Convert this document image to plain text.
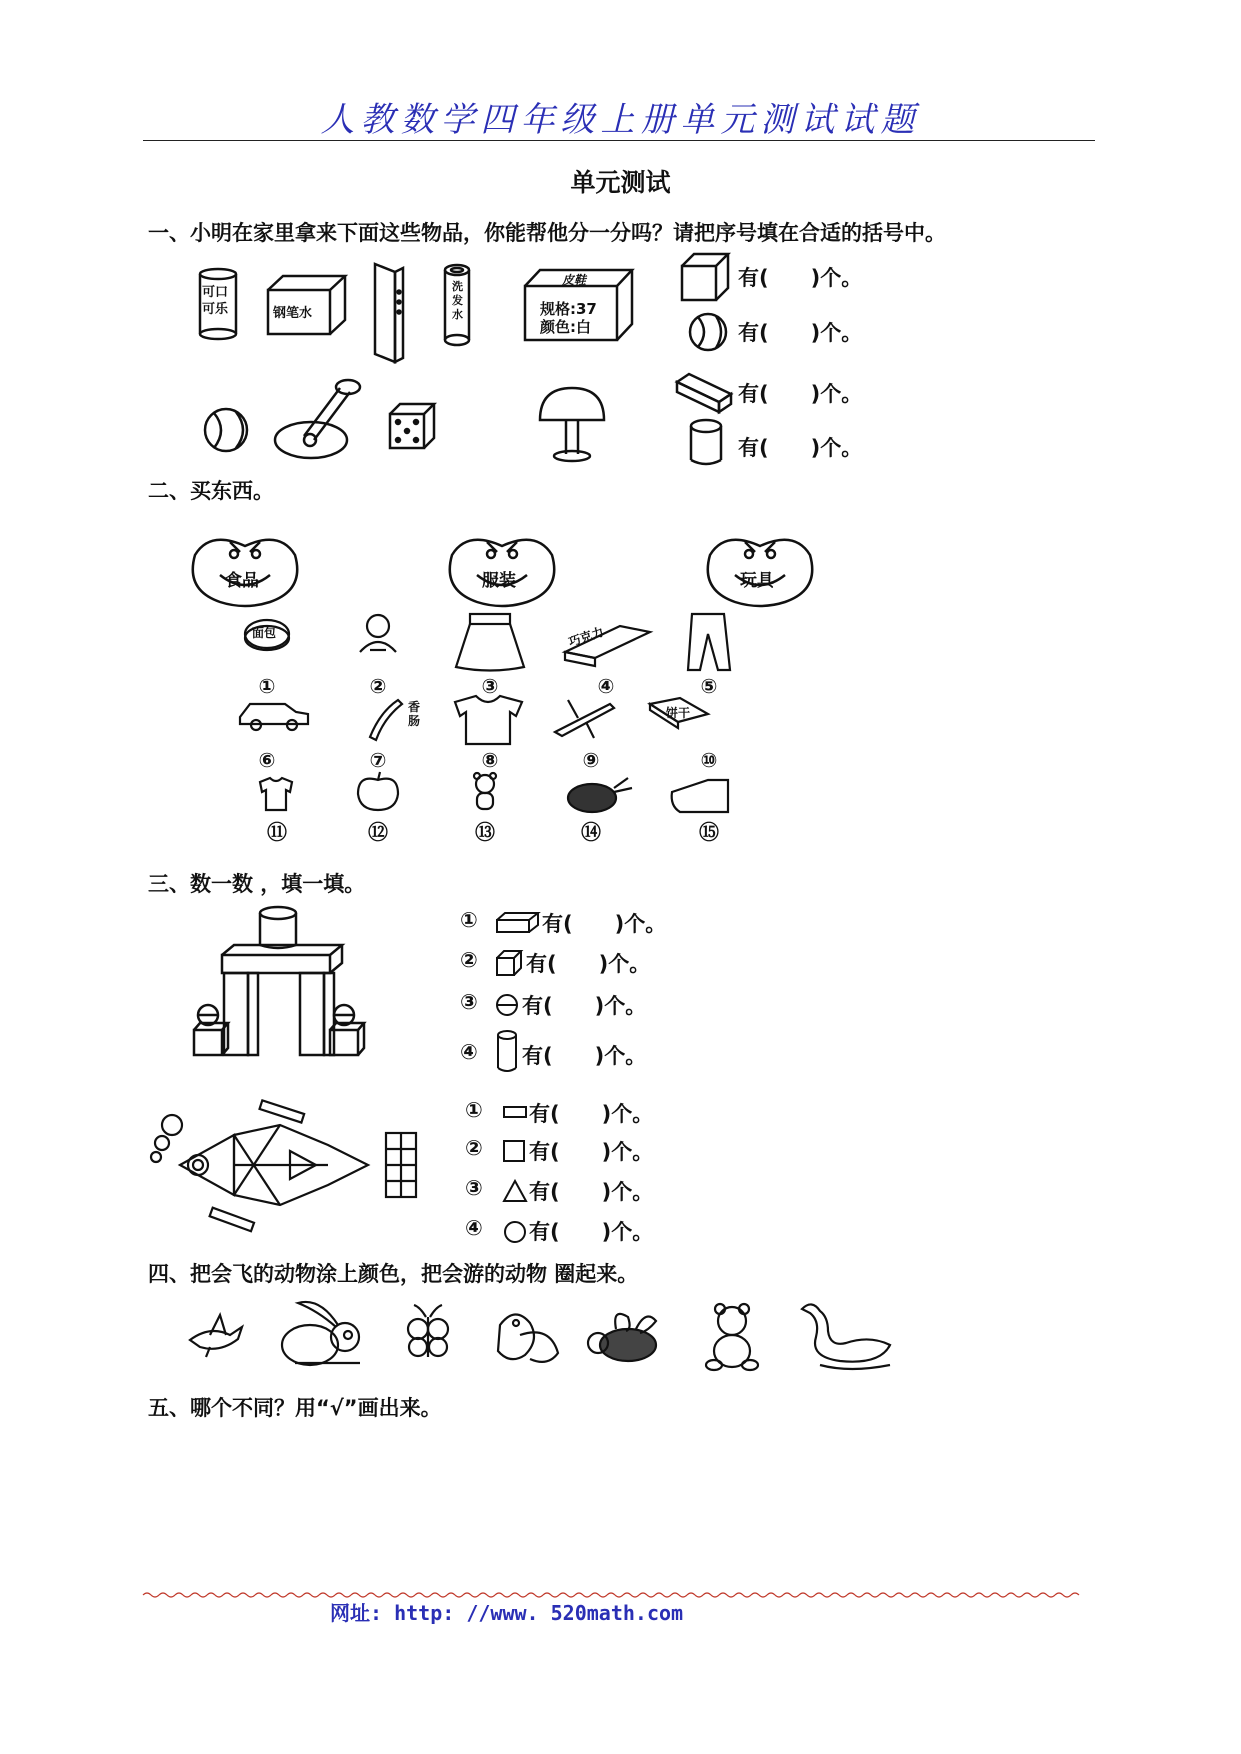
人教数学四年级上册单元测试试题
单元测试
一、小明在家里拿来下面这些物品，你能帮他分一分吗？请把序号填在合适的括号中。
可口可乐	钢笔水
洗发水
皮鞋
规格:37
颜色:白
有(　　)个。
有(　　)个。
有(　　)个。
有(　　)个。
二、买东西。
食品	服装	玩具
面包	巧克力
香肠
饼干
①	②	③	④	⑤
⑥	⑦	⑧	⑨	⑩
⑪	⑫	⑬	⑭	⑮
三、数一数 ，填一填。
①	有(　　)个。
② 有(　　)个。
③ 有(　　)个。
④ 有(　　)个。
① 有(　　)个。
② 有(　　)个。
③ 有(　　)个。
④ 有(　　)个。
四、把会飞的动物涂上颜色，把会游的动物 圈起来。
五、哪个不同？用“√”画出来。
网址: http: //www. 520math.com
